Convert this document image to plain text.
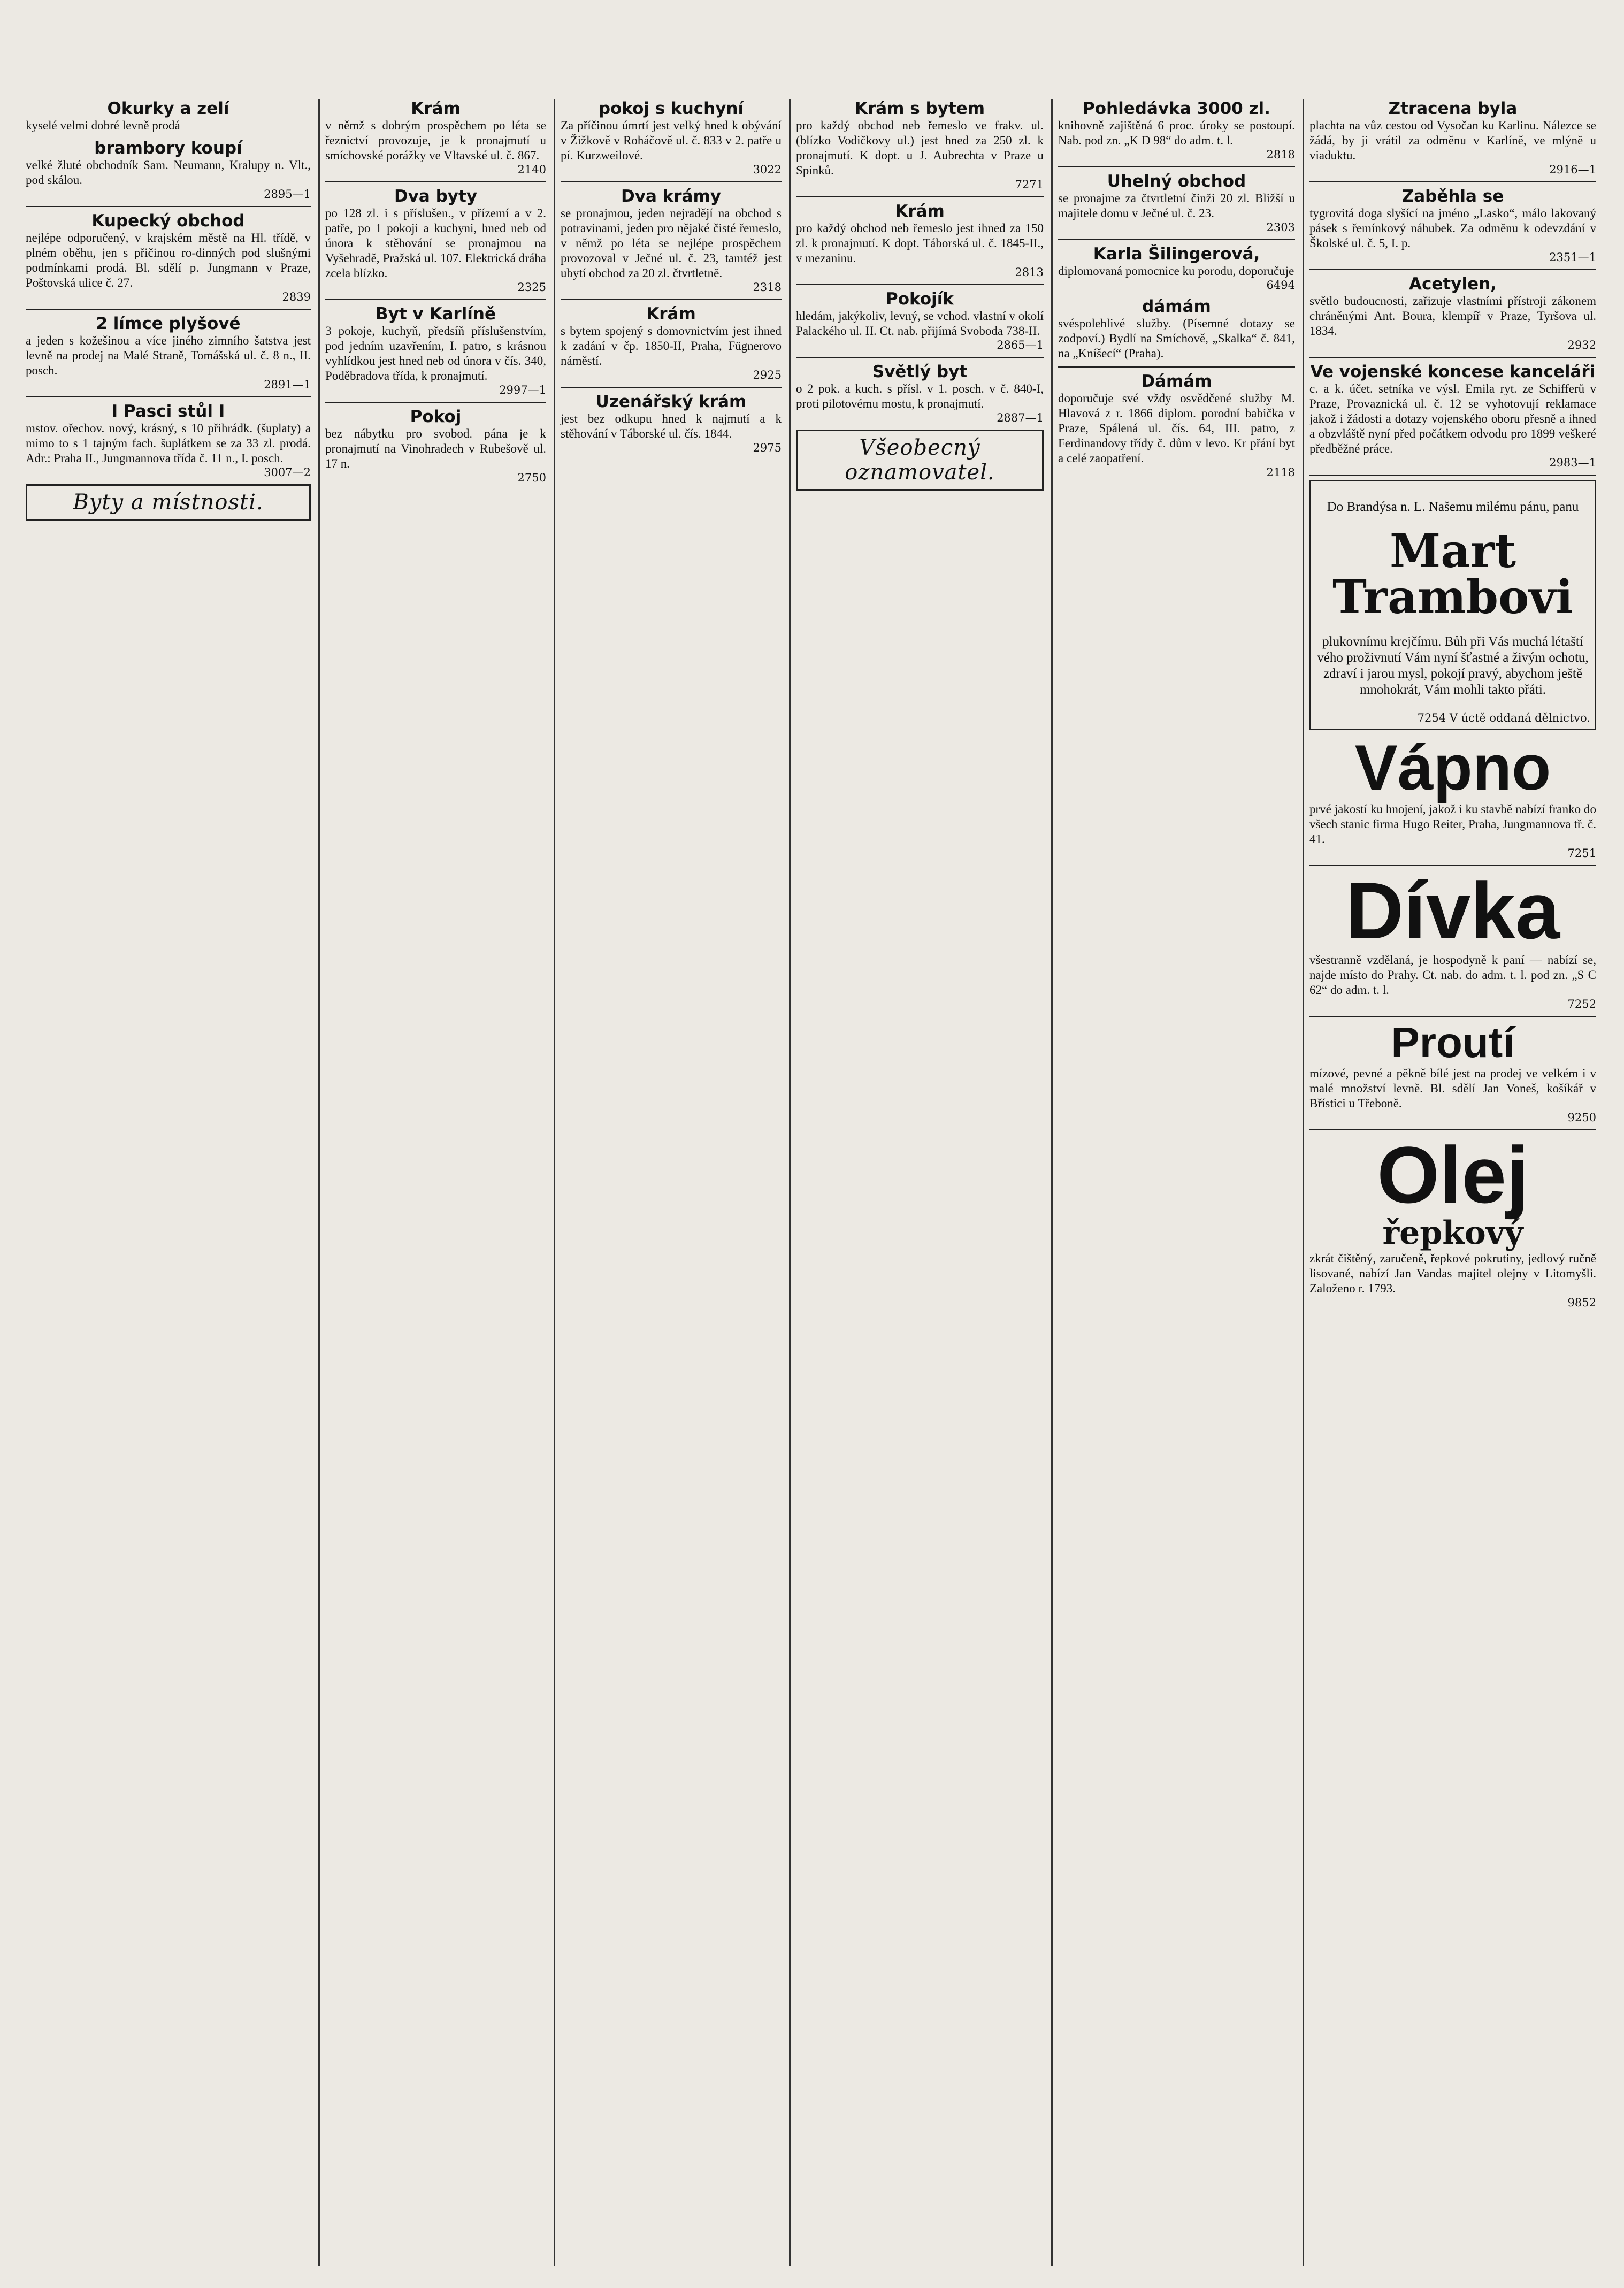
Okurky a zelí

kyselé velmi dobré levně prodá

brambory koupí

velké žluté obchodník Sam. Neumann, Kralupy n. Vlt., pod skálou.

2895—1

Kupecký obchod

nejlépe odporučený, v krajském městě na Hl. třídě, v plném oběhu, jen s přičinou ro-dinných pod slušnými podmínkami prodá. Bl. sdělí p. Jungmann v Praze, Poštovská ulice č. 27.

2839

2 límce plyšové

a jeden s kožešinou a více jiného zimního šatstva jest levně na prodej na Malé Straně, Tomášská ul. č. 8 n., II. posch.

2891—1

I Pasci stůl I

mstov. ořechov. nový, krásný, s 10 přihrádk. (šuplaty) a mimo to s 1 tajným fach. šuplátkem se za 33 zl. prodá. Adr.: Praha II., Jungmannova třída č. 11 n., I. posch.

3007—2
Byty a místnosti.

Krám

v němž s dobrým prospěchem po léta se řeznictví provozuje, je k pronajmutí u smíchovské porážky ve Vltavské ul. č. 867.

2140

Dva byty

po 128 zl. i s příslušen., v přízemí a v 2. patře, po 1 pokoji a kuchyni, hned neb od února k stěhování se pronajmou na Vyšehradě, Pražská ul. 107. Elektrická dráha zcela blízko.

2325

Byt v Karlíně

3 pokoje, kuchyň, předsíň příslušenstvím, pod jedním uzavřením, I. patro, s krásnou vyhlídkou jest hned neb od února v čís. 340, Poděbradova třída, k pronajmutí.

2997—1

Pokoj

bez nábytku pro svobod. pána je k pronajmutí na Vinohradech v Rubešově ul. 17 n.

2750

pokoj s kuchyní

Za příčinou úmrtí jest velký hned k obývání v Žižkově v Roháčově ul. č. 833 v 2. patře u pí. Kurzweilové.

3022

Dva krámy

se pronajmou, jeden nejradějí na obchod s potravinami, jeden pro nějaké čisté řemeslo, v němž po léta se nejlépe prospěchem provozoval v Ječné ul. č. 23, tamtéž jest ubytí obchod za 20 zl. čtvrtletně.

2318

Krám

s bytem spojený s domovnictvím jest ihned k zadání v čp. 1850-II, Praha, Fügnerovo náměstí.

2925

Uzenářský krám

jest bez odkupu hned k najmutí a k stěhování v Táborské ul. čís. 1844.

2975

Krám s bytem

pro každý obchod neb řemeslo ve frakv. ul. (blízko Vodičkovy ul.) jest hned za 250 zl. k pronajmutí. K dopt. u J. Aubrechta v Praze u Spinků.

7271

Krám

pro každý obchod neb řemeslo jest ihned za 150 zl. k pronajmutí. K dopt. Táborská ul. č. 1845-II., v mezaninu.

2813

Pokojík

hledám, jakýkoliv, levný, se vchod. vlastní v okolí Palackého ul. II. Ct. nab. přijímá Svoboda 738-II.

2865—1

Světlý byt

o 2 pok. a kuch. s přísl. v 1. posch. v č. 840-I, proti pilotovému mostu, k pronajmutí.

2887—1
Všeobecný oznamovatel.

Pohledávka 3000 zl.

knihovně zajištěná 6 proc. úroky se postoupí. Nab. pod zn. „K D 98“ do adm. t. l.

2818

Uhelný obchod

se pronajme za čtvrtletní činži 20 zl. Bližší u majitele domu v Ječné ul. č. 23.

2303

Karla Šilingerová,

diplomovaná pomocnice ku porodu, doporučuje

6494

dámám

svéspolehlivé služby. (Písemné dotazy se zodpoví.) Bydlí na Smíchově, „Skalka“ č. 841, na „Kníšecí“ (Praha).

Dámám

doporučuje své vždy osvědčené služby M. Hlavová z r. 1866 diplom. porodní babička v Praze, Spálená ul. čís. 64, III. patro, z Ferdinandovy třídy č. dům v levo. Kr přání byt a celé zaopatření.

2118

Ztracena byla

plachta na vůz cestou od Vysočan ku Karlinu. Nálezce se žádá, by ji vrátil za odměnu v Karlíně, ve mlýně u viaduktu.

2916—1

Zaběhla se

tygrovitá doga slyšící na jméno „Lasko“, málo lakovaný pásek s řemínkový náhubek. Za odměnu k odevzdání v Školské ul. č. 5, I. p.

2351—1

Acetylen,

světlo budoucnosti, zařizuje vlastními přístroji zákonem chráněnými Ant. Boura, klempíř v Praze, Tyršova ul. 1834.

2932

Ve vojenské koncese kanceláři

c. a k. účet. setníka ve výsl. Emila ryt. ze Schifferů v Praze, Provaznická ul. č. 12 se vyhotovují reklamace jakož i žádosti a dotazy vojenského oboru přesně a ihned a obzvláště nyní před počátkem odvodu pro 1899 veškeré předběžné práce.

2983—1

Do Brandýsa n. L. Našemu milému pánu, panu

Mart Trambovi

plukovnímu krejčímu. Bůh při Vás muchá létaští vého proživnutí Vám nyní šťastné a živým ochotu, zdraví i jarou mysl, pokojí pravý, abychom ještě mnohokrát, Vám mohli takto přáti.

7254 V úctě oddaná dělnictvo.

Vápno

prvé jakostí ku hnojení, jakož i ku stavbě nabízí franko do všech stanic firma Hugo Reiter, Praha, Jungmannova tř. č. 41.

7251

Dívka

všestranně vzdělaná, je hospodyně k paní — nabízí se, najde místo do Prahy. Ct. nab. do adm. t. l. pod zn. „S C 62“ do adm. t. l.

7252

Proutí

mízové, pevné a pěkně bílé jest na prodej ve velkém i v malé množství levně. Bl. sdělí Jan Voneš, košíkář v Břístici u Třeboně.

9250

Olej

řepkový

zkrát čištěný, zaručeně, řepkové pokrutiny, jedlový ručně lisované, nabízí Jan Vandas majitel olejny v Litomyšli. Založeno r. 1793.

9852
